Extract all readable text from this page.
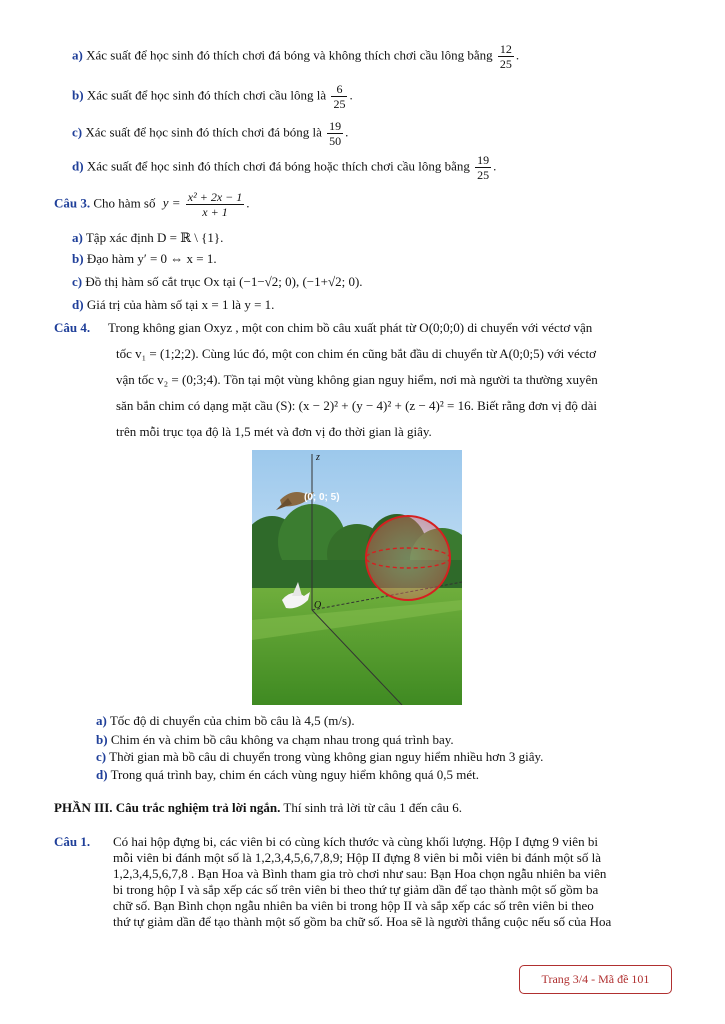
a) Xác suất để học sinh đó thích chơi đá bóng và không thích chơi cầu lông bằng $\frac{12}{25}$ .
b) Xác suất để học sinh đó thích chơi cầu lông là $\frac{6}{25}$ .
c) Xác suất để học sinh đó thích chơi đá bóng là $\frac{19}{50}$ .
d) Xác suất để học sinh đó thích chơi đá bóng hoặc thích chơi cầu lông bằng $\frac{19}{25}$ .
Câu 3. Cho hàm số $y = \frac{\text{x² + 2x − 1}}{x + 1}$ .
a) Tập xác định D = ℝ \ {1}.
b) Đạo hàm y′ = 0 ⇔ x = 1.
c) Đồ thị hàm số cắt trục Ox tại (−1−√2; 0), (−1+√2; 0).
d) Giá trị của hàm số tại x = 1 là y = 1.
Câu 4. Trong không gian Oxyz , một con chim bồ câu xuất phát từ O(0;0;0) di chuyển với véctơ vận
tốc v₁ = (1;2;2). Cùng lúc đó, một con chim én cũng bắt đầu di chuyển từ A(0;0;5) với véctơ
vận tốc v₂ = (0;3;4). Tồn tại một vùng không gian nguy hiểm, nơi mà người ta thường xuyên
săn bắn chim có dạng mặt cầu (S): (x − 2)² + (y − 4)² + (z − 4)² = 16. Biết rằng đơn vị độ dài
trên mỗi trục tọa độ là 1,5 mét và đơn vị đo thời gian là giây.
(0; 0; 5)
z
O
a) Tốc độ di chuyển của chim bồ câu là 4,5 (m/s).
b) Chim én và chim bồ câu không va chạm nhau trong quá trình bay.
c) Thời gian mà bồ câu di chuyển trong vùng không gian nguy hiểm nhiều hơn 3 giây.
d) Trong quá trình bay, chim én cách vùng nguy hiểm không quá 0,5 mét.
PHẦN III. Câu trắc nghiệm trả lời ngắn. Thí sinh trả lời từ câu 1 đến câu 6.
Câu 1. Có hai hộp đựng bi, các viên bi có cùng kích thước và cùng khối lượng. Hộp I đựng 9 viên bi
mỗi viên bi đánh một số là 1,2,3,4,5,6,7,8,9; Hộp II đựng 8 viên bi mỗi viên bi đánh một số là
1,2,3,4,5,6,7,8 . Bạn Hoa và Bình tham gia trò chơi như sau: Bạn Hoa chọn ngẫu nhiên ba viên
bi trong hộp I và sắp xếp các số trên viên bi theo thứ tự giảm dần để tạo thành một số gồm ba
chữ số. Bạn Bình chọn ngẫu nhiên ba viên bi trong hộp II và sắp xếp các số trên viên bi theo
thứ tự giảm dần để tạo thành một số gồm ba chữ số. Hoa sẽ là người thắng cuộc nếu số của Hoa
Trang 3/4 - Mã đề 101
